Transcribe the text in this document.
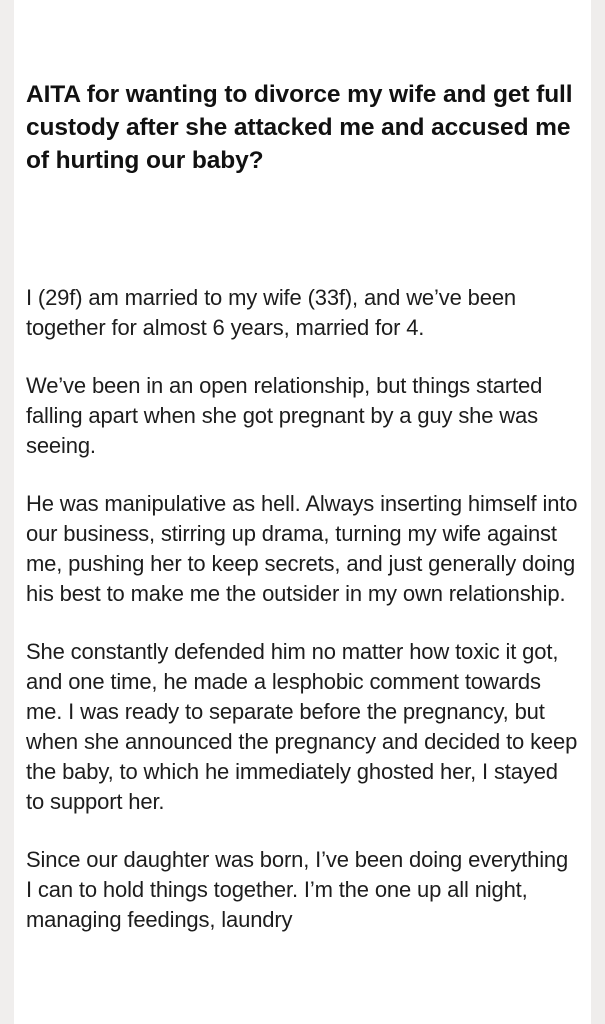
AITA for wanting to divorce my wife and get full custody after she attacked me and accused me of hurting our baby?

I (29f) am married to my wife (33f), and we’ve been together for almost 6 years, married for 4.

We’ve been in an open relationship, but things started falling apart when she got pregnant by a guy she was seeing.

He was manipulative as hell. Always inserting himself into our business, stirring up drama, turning my wife against me, pushing her to keep secrets, and just generally doing his best to make me the outsider in my own relationship.

She constantly defended him no matter how toxic it got, and one time, he made a lesphobic comment towards me. I was ready to separate before the pregnancy, but when she announced the pregnancy and decided to keep the baby, to which he immediately ghosted her, I stayed to support her.

Since our daughter was born, I’ve been doing everything I can to hold things together. I’m the one up all night, managing feedings, laundry
